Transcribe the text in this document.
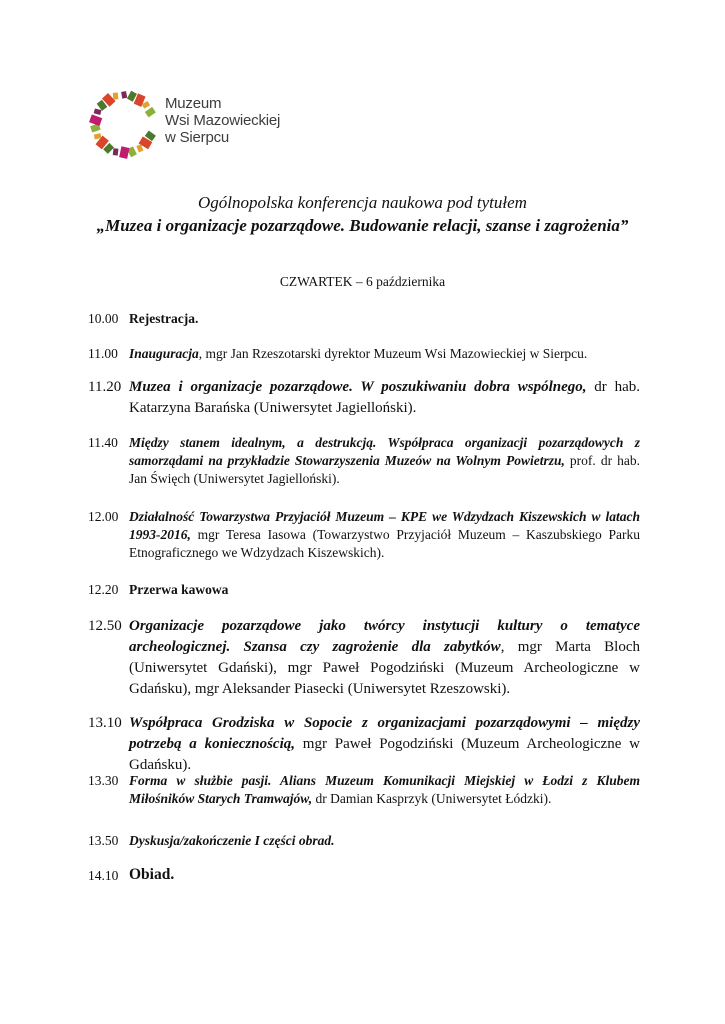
Muzeum
Wsi Mazowieckiej
w Sierpcu
Ogólnopolska konferencja naukowa pod tytułem
„Muzea i organizacje pozarządowe. Budowanie relacji, szanse i zagrożenia”
CZWARTEK – 6 października
10.00 Rejestracja.
11.00 Inauguracja, mgr Jan Rzeszotarski dyrektor Muzeum Wsi Mazowieckiej w Sierpcu.
11.20 Muzea i organizacje pozarządowe. W poszukiwaniu dobra wspólnego, dr hab. Katarzyna Barańska (Uniwersytet Jagielloński).
11.40 Między stanem idealnym, a destrukcją. Współpraca organizacji pozarządowych z samorządami na przykładzie Stowarzyszenia Muzeów na Wolnym Powietrzu, prof. dr hab. Jan Święch (Uniwersytet Jagielloński).
12.00 Działalność Towarzystwa Przyjaciół Muzeum – KPE we Wdzydzach Kiszewskich w latach 1993-2016, mgr Teresa Iasowa (Towarzystwo Przyjaciół Muzeum – Kaszubskiego Parku Etnograficznego we Wdzydzach Kiszewskich).
12.20 Przerwa kawowa
12.50 Organizacje pozarządowe jako twórcy instytucji kultury o tematyce archeologicznej. Szansa czy zagrożenie dla zabytków, mgr Marta Bloch (Uniwersytet Gdański), mgr Paweł Pogodziński (Muzeum Archeologiczne w Gdańsku), mgr Aleksander Piasecki (Uniwersytet Rzeszowski).
13.10 Współpraca Grodziska w Sopocie z organizacjami pozarządowymi – między potrzebą a koniecznością, mgr Paweł Pogodziński (Muzeum Archeologiczne w Gdańsku).
13.30 Forma w służbie pasji. Alians Muzeum Komunikacji Miejskiej w Łodzi z Klubem Miłośników Starych Tramwajów, dr Damian Kasprzyk (Uniwersytet Łódzki).
13.50 Dyskusja/zakończenie I części obrad.
14.10 Obiad.
